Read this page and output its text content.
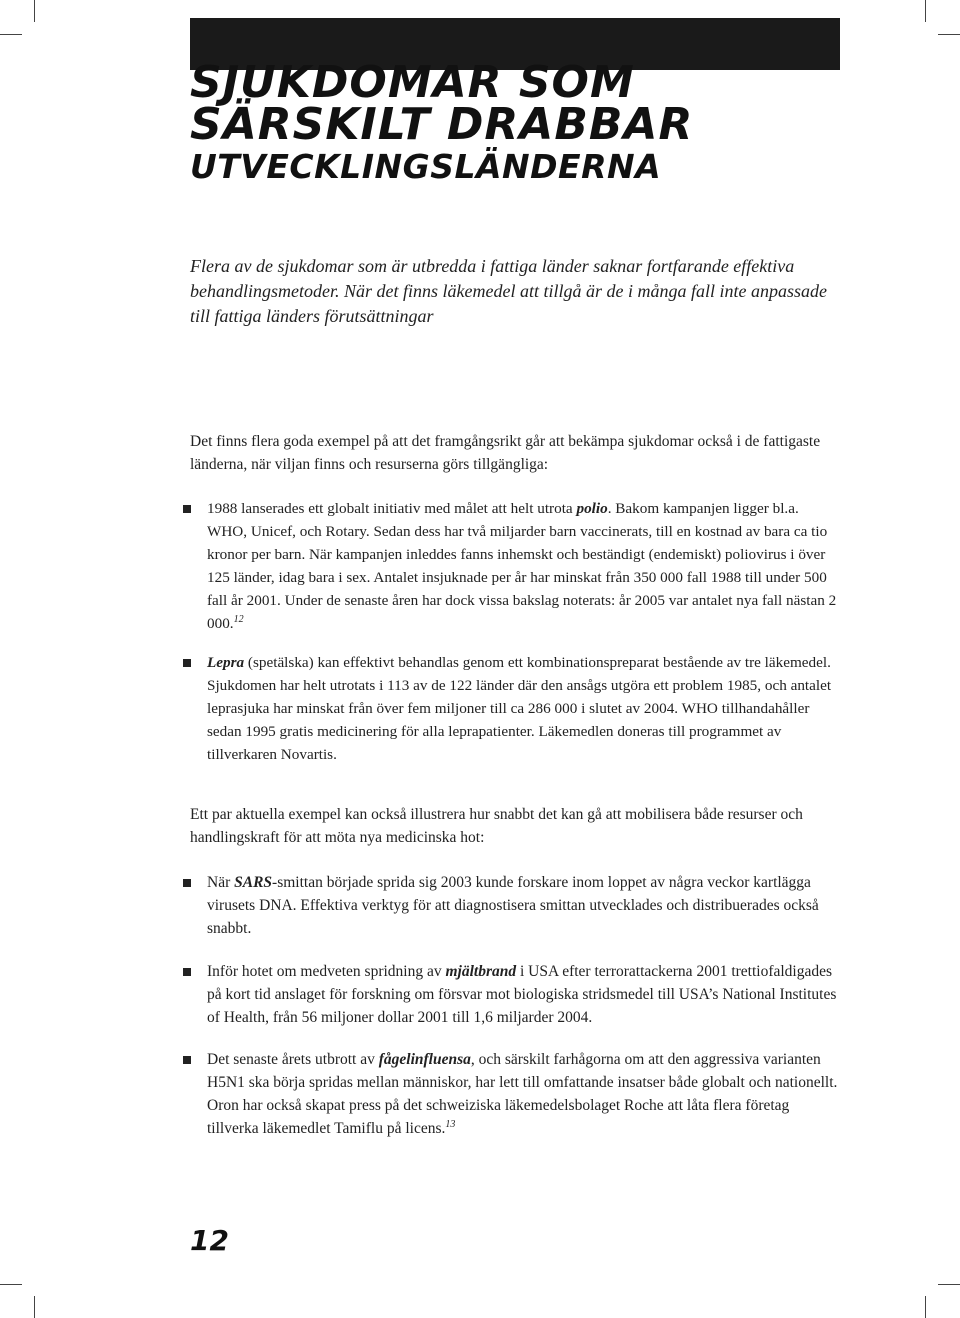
SJUKDOMAR SOM
SÄRSKILT DRABBAR
UTVECKLINGSLÄNDERNA

Flera av de sjukdomar som är utbredda i fattiga länder saknar fortfarande effektiva behandlingsmetoder. När det finns läkemedel att tillgå är de i många fall inte anpassade till fattiga länders förutsättningar

Det finns flera goda exempel på att det framgångsrikt går att bekämpa sjukdomar också i de fattigaste länderna, när viljan finns och resurserna görs tillgängliga:

1988 lanserades ett globalt initiativ med målet att helt utrota polio. Bakom kampanjen ligger bl.a. WHO, Unicef, och Rotary. Sedan dess har två miljarder barn vaccinerats, till en kostnad av bara ca tio kronor per barn. När kampanjen inleddes fanns inhemskt och beständigt (endemiskt) poliovirus i över 125 länder, idag bara i sex. Antalet insjuknade per år har minskat från 350 000 fall 1988 till under 500 fall år 2001. Under de senaste åren har dock vissa bakslag noterats: år 2005 var antalet nya fall nästan 2 000.12

Lepra (spetälska) kan effektivt behandlas genom ett kombinationspreparat bestående av tre läkemedel. Sjukdomen har helt utrotats i 113 av de 122 länder där den ansågs utgöra ett problem 1985, och antalet leprasjuka har minskat från över fem miljoner till ca 286 000 i slutet av 2004. WHO tillhandahåller sedan 1995 gratis medicinering för alla leprapatienter. Läkemedlen doneras till programmet av tillverkaren Novartis.

Ett par aktuella exempel kan också illustrera hur snabbt det kan gå att mobilisera både resurser och handlingskraft för att möta nya medicinska hot:

När SARS-smittan började sprida sig 2003 kunde forskare inom loppet av några veckor kartlägga virusets DNA. Effektiva verktyg för att diagnostisera smittan utvecklades och distribuerades också snabbt.

Inför hotet om medveten spridning av mjältbrand i USA efter terrorattackerna 2001 trettiofaldigades på kort tid anslaget för forskning om försvar mot biologiska stridsmedel till USA’s National Institutes of Health, från 56 miljoner dollar 2001 till 1,6 miljarder 2004.

Det senaste årets utbrott av fågelinfluensa, och särskilt farhågorna om att den aggressiva varianten H5N1 ska börja spridas mellan människor, har lett till omfattande insatser både globalt och nationellt. Oron har också skapat press på det schweiziska läkemedelsbolaget Roche att låta flera företag tillverka läkemedlet Tamiflu på licens.$^{13}$

12
